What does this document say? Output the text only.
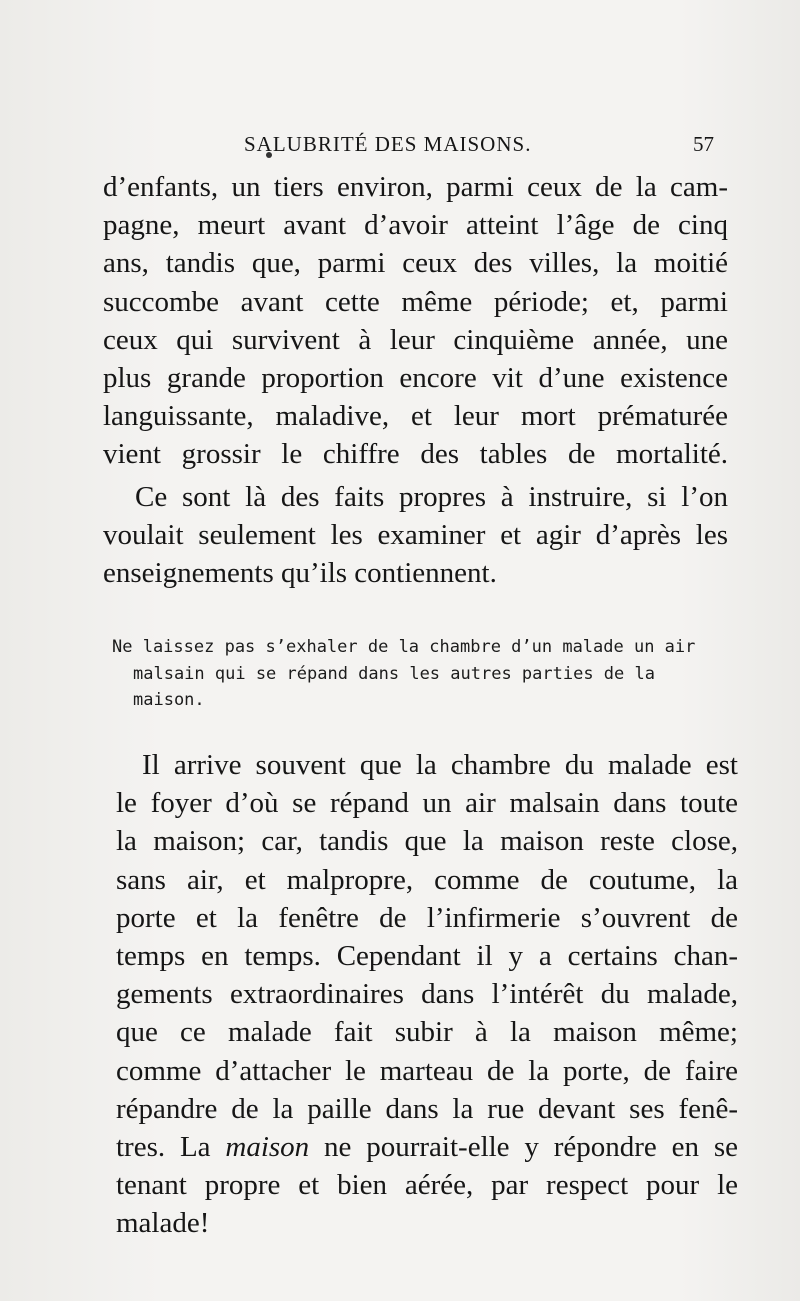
SALUBRITÉ DES MAISONS.	57
d’enfants, un tiers environ, parmi ceux de la cam-
pagne, meurt avant d’avoir atteint l’âge de cinq
ans, tandis que, parmi ceux des villes, la moitié
succombe avant cette même période; et, parmi
ceux qui survivent à leur cinquième année, une
plus grande proportion encore vit d’une existence
languissante, maladive, et leur mort prématurée
vient grossir le chiffre des tables de mortalité.
Ce sont là des faits propres à instruire, si l’on
voulait seulement les examiner et agir d’après les
enseignements qu’ils contiennent.
Ne laissez pas s’exhaler de la chambre d’un malade un air
malsain qui se répand dans les autres parties de la
maison.
Il arrive souvent que la chambre du malade est
le foyer d’où se répand un air malsain dans toute
la maison; car, tandis que la maison reste close,
sans air, et malpropre, comme de coutume, la
porte et la fenêtre de l’infirmerie s’ouvrent de
temps en temps. Cependant il y a certains chan-
gements extraordinaires dans l’intérêt du malade,
que ce malade fait subir à la maison même;
comme d’attacher le marteau de la porte, de faire
répandre de la paille dans la rue devant ses fenê-
tres. La maison ne pourrait-elle y répondre en se
tenant propre et bien aérée, par respect pour le
malade!
